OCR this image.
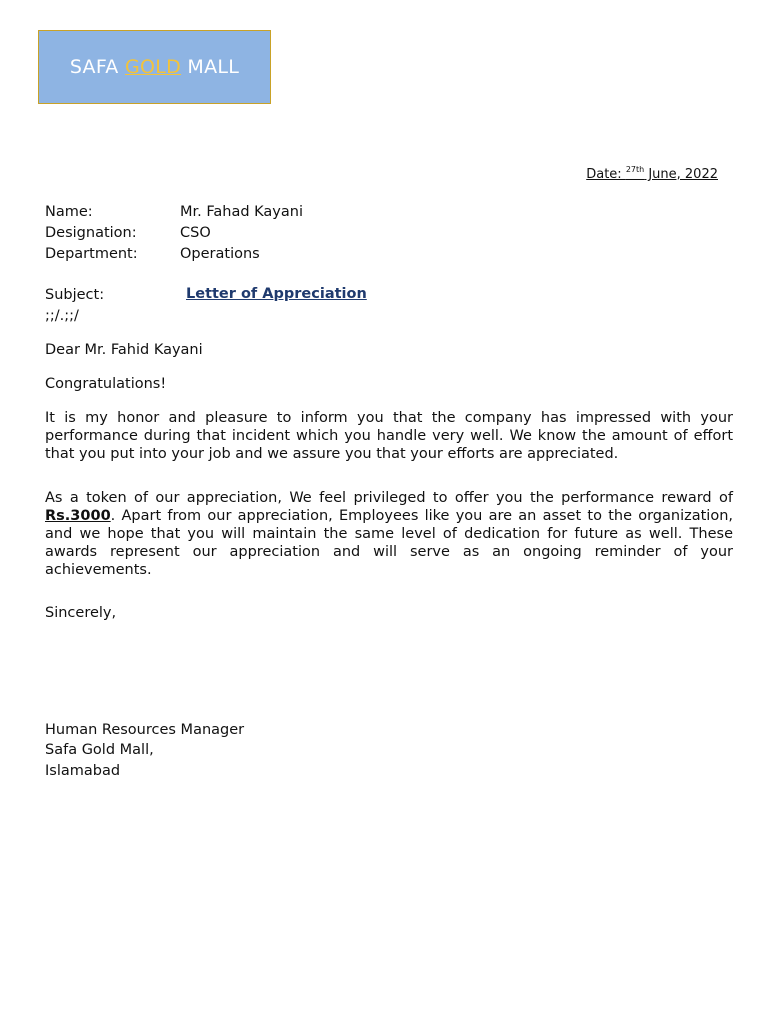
SAFA GOLD MALL
Date: $^{27th}$ June, 2022
Name:	Mr. Fahad Kayani
Designation:	CSO
Department:	Operations
Subject:	Letter of Appreciation
;;/.;;/
Dear Mr. Fahid Kayani
Congratulations!
It is my honor and pleasure to inform you that the company has impressed with your performance during that incident which you handle very well. We know the amount of effort that you put into your job and we assure you that your efforts are appreciated.
As a token of our appreciation, We feel privileged to offer you the performance reward of Rs.3000. Apart from our appreciation, Employees like you are an asset to the organization, and we hope that you will maintain the same level of dedication for future as well. These awards represent our appreciation and will serve as an ongoing reminder of your achievements.
Sincerely,
Human Resources Manager
Safa Gold Mall,
Islamabad
